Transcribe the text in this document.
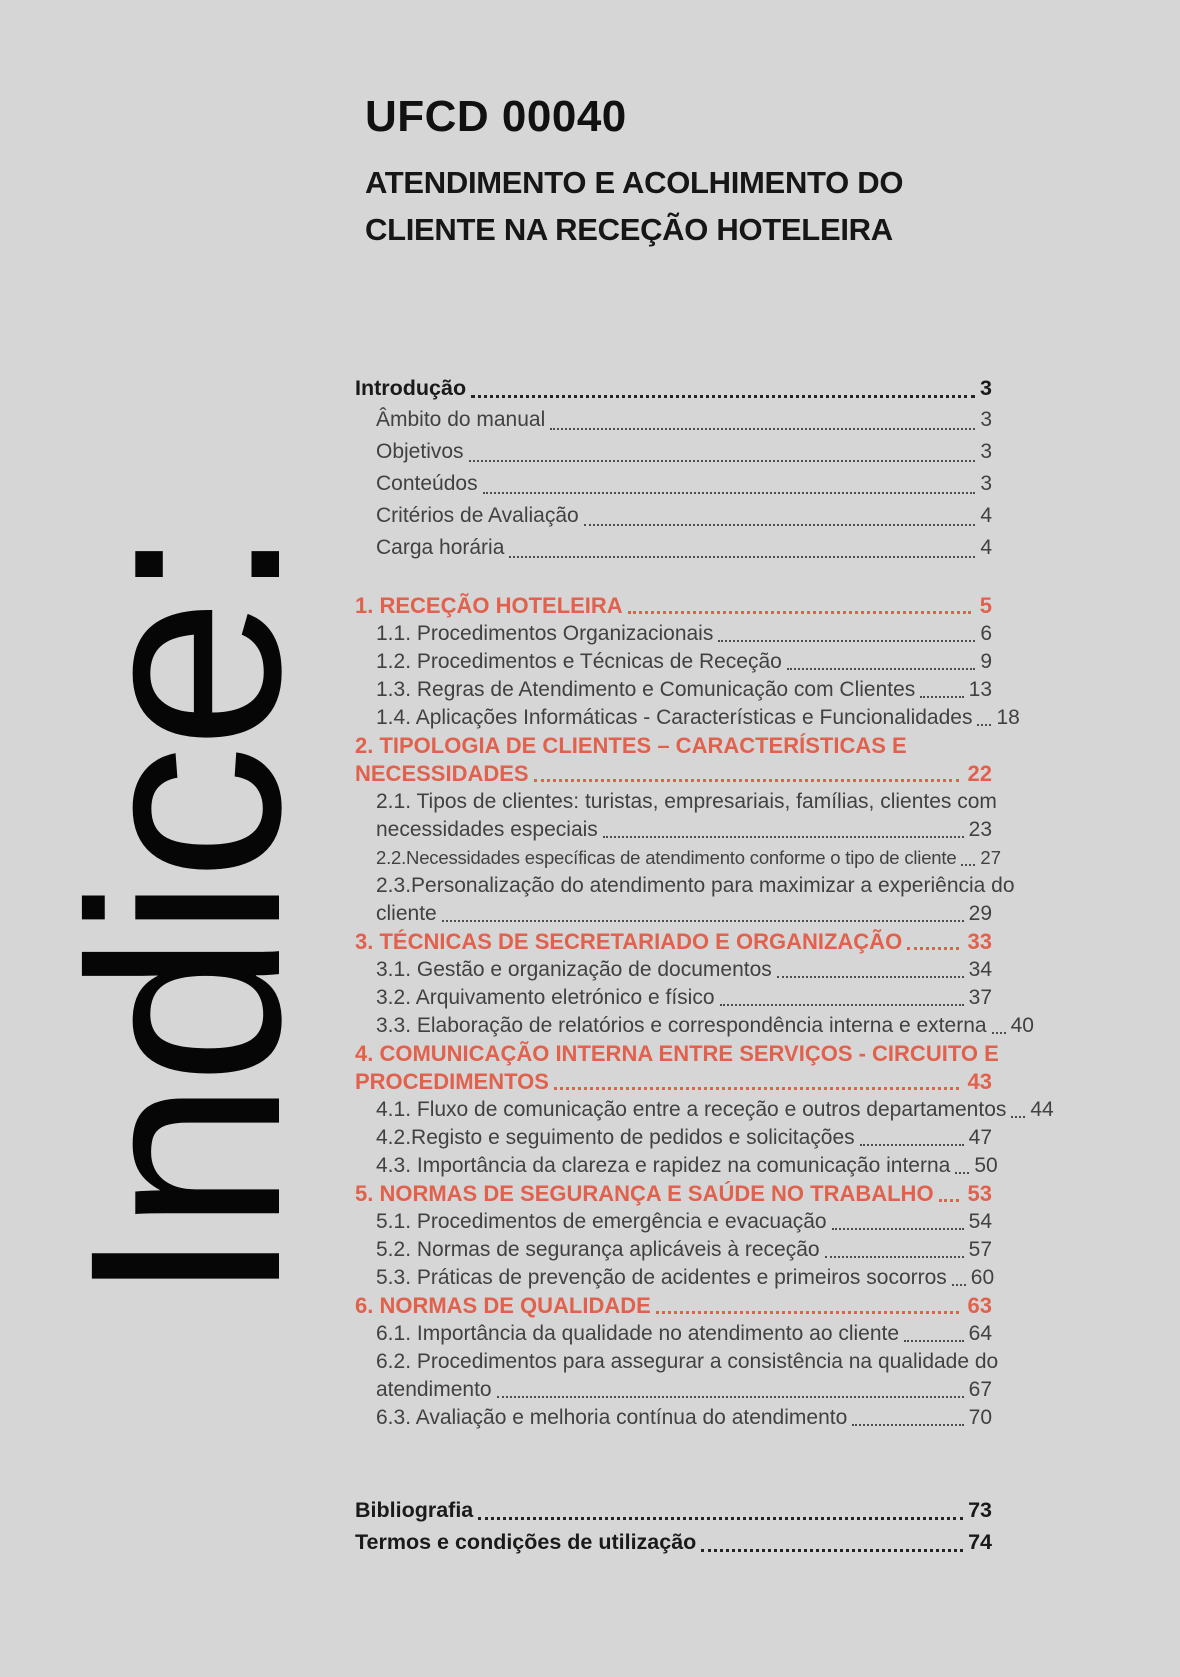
Indice:
UFCD 00040
ATENDIMENTO E ACOLHIMENTO DO CLIENTE NA RECEÇÃO HOTELEIRA
Introdução	3
Âmbito do manual	3
Objetivos	3
Conteúdos	3
Critérios de Avaliação	4
Carga horária	4
1. RECEÇÃO HOTELEIRA	5
1.1. Procedimentos Organizacionais	6
1.2. Procedimentos e Técnicas de Receção	9
1.3. Regras de Atendimento e Comunicação com Clientes	13
1.4. Aplicações Informáticas - Características e Funcionalidades 18
2. TIPOLOGIA DE CLIENTES – CARACTERÍSTICAS E
NECESSIDADES	22
2.1. Tipos de clientes: turistas, empresariais, famílias, clientes com
necessidades especiais	23
2.2.Necessidades específicas de atendimento conforme o tipo de cliente 27
2.3.Personalização do atendimento para maximizar a experiência do
cliente	29
3. TÉCNICAS DE SECRETARIADO E ORGANIZAÇÃO	33
3.1. Gestão e organização de documentos	34
3.2. Arquivamento eletrónico e físico	37
3.3. Elaboração de relatórios e correspondência interna e externa 40
4. COMUNICAÇÃO INTERNA ENTRE SERVIÇOS - CIRCUITO E
PROCEDIMENTOS	43
4.1. Fluxo de comunicação entre a receção e outros departamentos 44
4.2.Registo e seguimento de pedidos e solicitações	47
4.3. Importância da clareza e rapidez na comunicação interna 50
5. NORMAS DE SEGURANÇA E SAÚDE NO TRABALHO 53
5.1. Procedimentos de emergência e evacuação	54
5.2. Normas de segurança aplicáveis à receção	57
5.3. Práticas de prevenção de acidentes e primeiros socorros 60
6. NORMAS DE QUALIDADE	63
6.1. Importância da qualidade no atendimento ao cliente	64
6.2. Procedimentos para assegurar a consistência na qualidade do
atendimento	67
6.3. Avaliação e melhoria contínua do atendimento	70
Bibliografia	73
Termos e condições de utilização	74
